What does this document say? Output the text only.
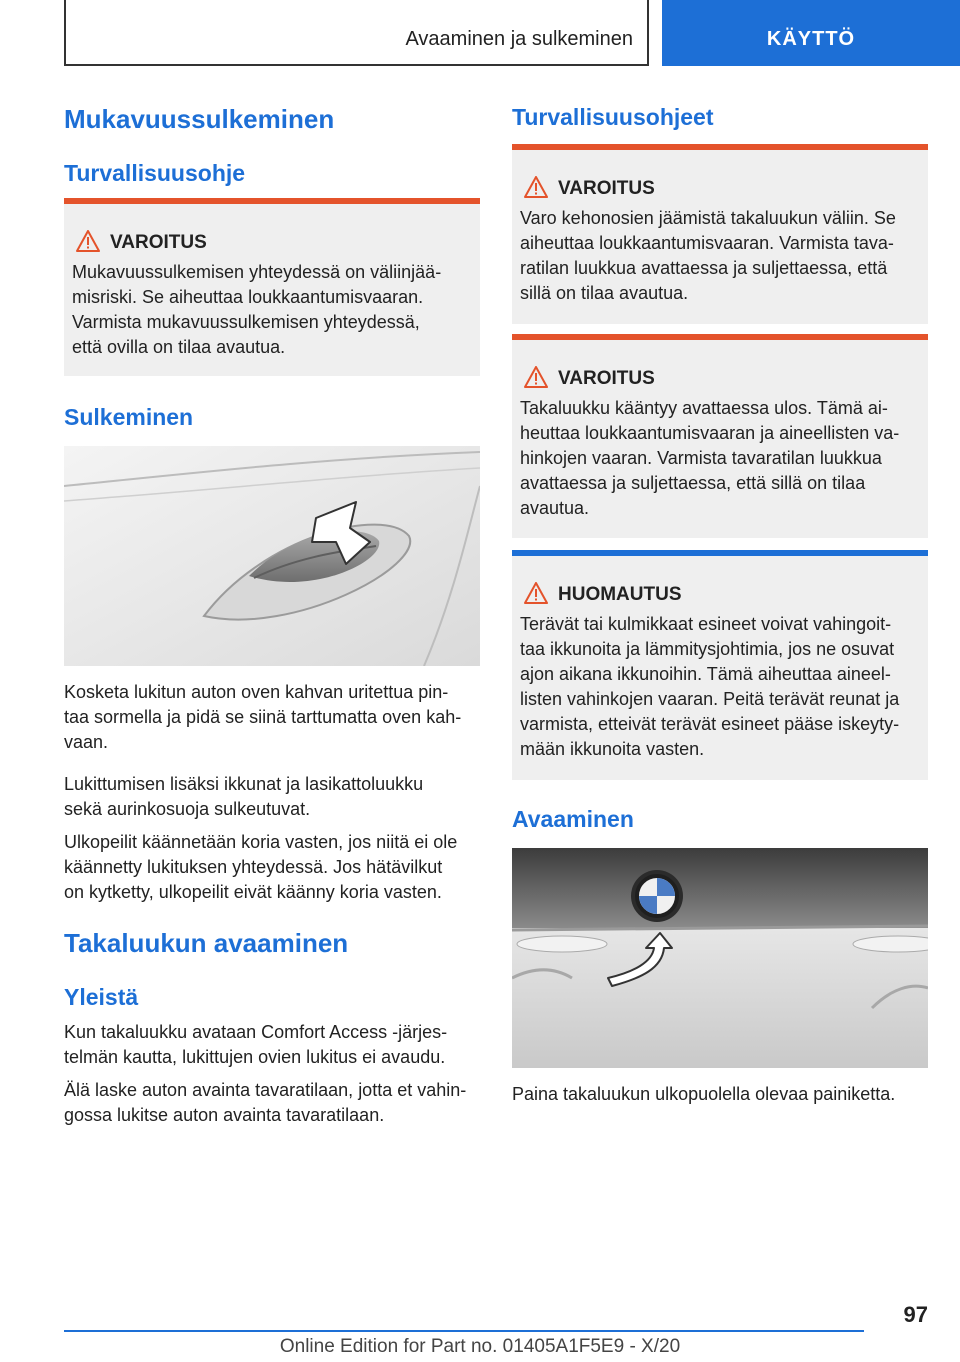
Avaaminen ja sulkeminen	KÄYTTÖ
Mukavuussulkeminen
Turvallisuusohje
VAROITUS
Mukavuussulkemisen yhteydessä on väliinjää-
misriski. Se aiheuttaa loukkaantumisvaaran.
Varmista mukavuussulkemisen yhteydessä,
että ovilla on tilaa avautua.
Sulkeminen
Kosketa lukitun auton oven kahvan uritettua pin-
taa sormella ja pidä se siinä tarttumatta oven kah-
vaan.
Lukittumisen lisäksi ikkunat ja lasikattoluukku
sekä aurinkosuoja sulkeutuvat.
Ulkopeilit käännetään koria vasten, jos niitä ei ole
käännetty lukituksen yhteydessä. Jos hätävilkut
on kytketty, ulkopeilit eivät käänny koria vasten.
Takaluukun avaaminen
Yleistä
Kun takaluukku avataan Comfort Access -järjes-
telmän kautta, lukittujen ovien lukitus ei avaudu.
Älä laske auton avainta tavaratilaan, jotta et vahin-
gossa lukitse auton avainta tavaratilaan.
Turvallisuusohjeet
VAROITUS
Varo kehonosien jäämistä takaluukun väliin. Se
aiheuttaa loukkaantumisvaaran. Varmista tava-
ratilan luukkua avattaessa ja suljettaessa, että
sillä on tilaa avautua.
VAROITUS
Takaluukku kääntyy avattaessa ulos. Tämä ai-
heuttaa loukkaantumisvaaran ja aineellisten va-
hinkojen vaaran. Varmista tavaratilan luukkua
avattaessa ja suljettaessa, että sillä on tilaa
avautua.
HUOMAUTUS
Terävät tai kulmikkaat esineet voivat vahingoit-
taa ikkunoita ja lämmitysjohtimia, jos ne osuvat
ajon aikana ikkunoihin. Tämä aiheuttaa aineel-
listen vahinkojen vaaran. Peitä terävät reunat ja
varmista, etteivät terävät esineet pääse iskeyty-
mään ikkunoita vasten.
Avaaminen
Paina takaluukun ulkopuolella olevaa painiketta.
97
Online Edition for Part no. 01405A1F5E9 - X/20
